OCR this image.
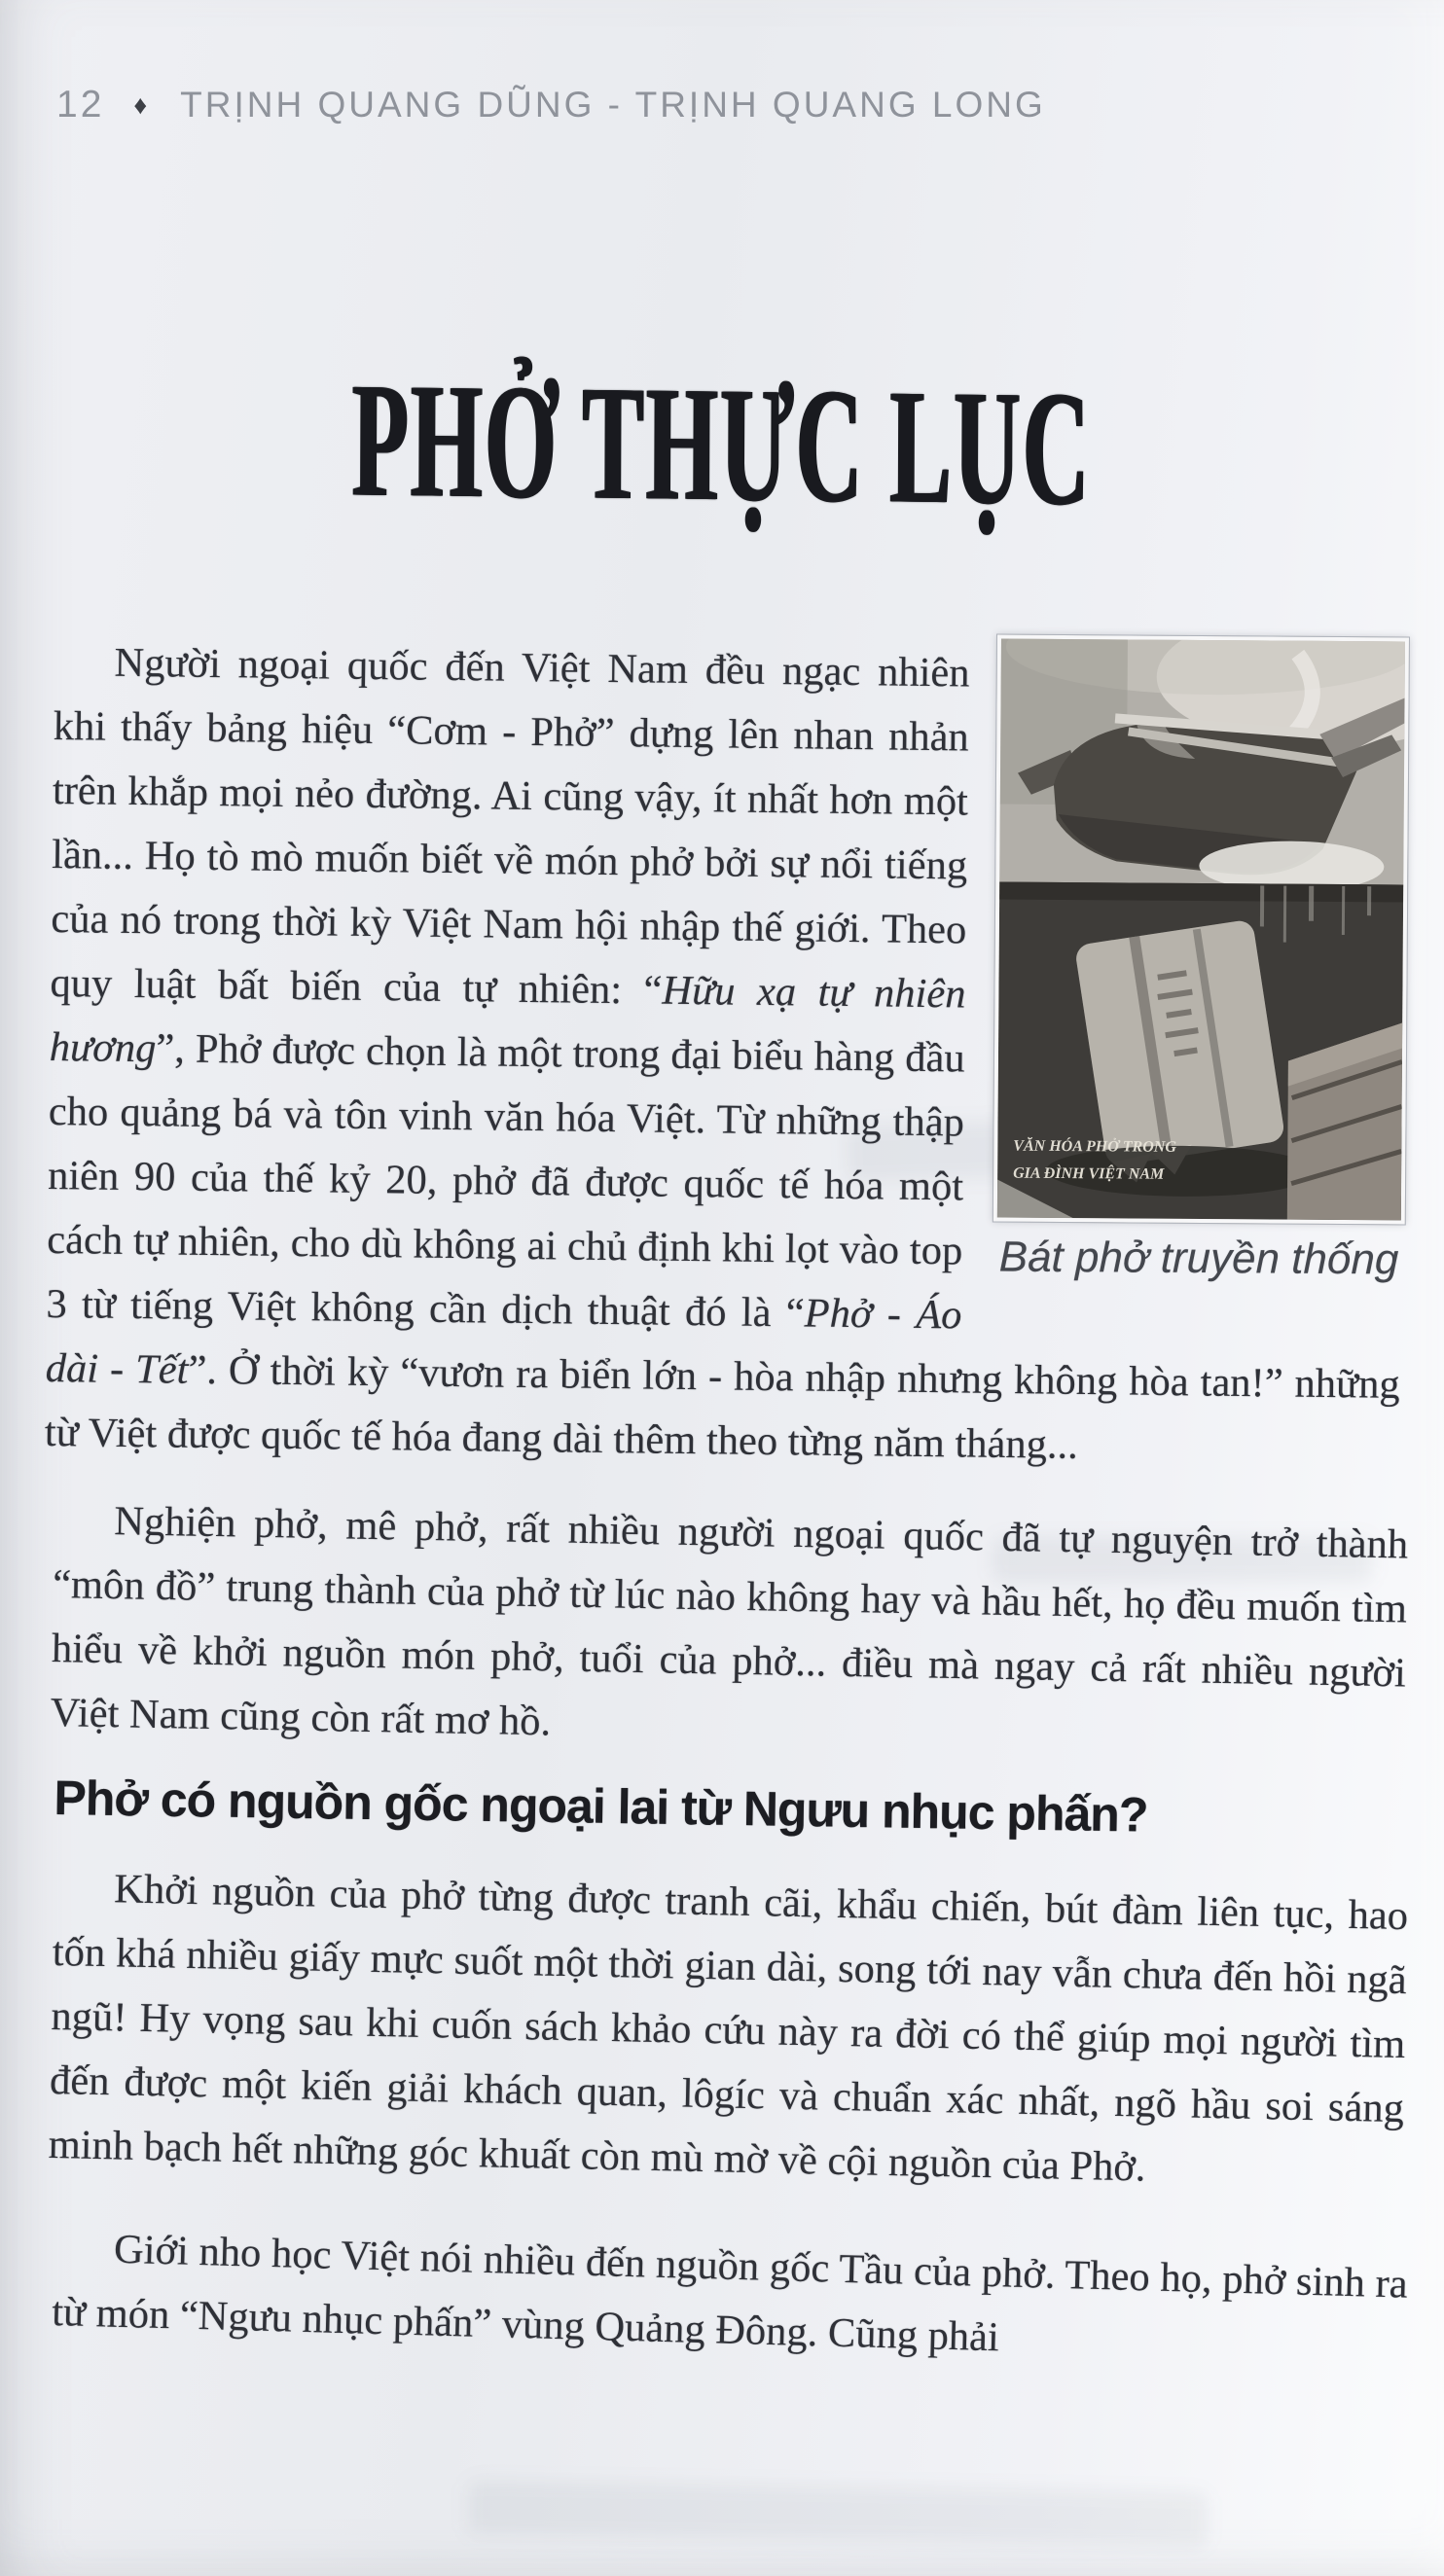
12 ♦ TRỊNH QUANG DŨNG - TRỊNH QUANG LONG
PHỞ THỰC LỤC
VĂN HÓA PHỞ TRONG
GIA ĐÌNH VIỆT NAM
Bát phở truyền thống

Người ngoại quốc đến Việt Nam đều ngạc nhiên khi thấy bảng hiệu “Cơm - Phở” dựng lên nhan nhản trên khắp mọi nẻo đường. Ai cũng vậy, ít nhất hơn một lần... Họ tò mò muốn biết về món phở bởi sự nổi tiếng của nó trong thời kỳ Việt Nam hội nhập thế giới. Theo quy luật bất biến của tự nhiên: “Hữu xạ tự nhiên hương”, Phở được chọn là một trong đại biểu hàng đầu cho quảng bá và tôn vinh văn hóa Việt. Từ những thập niên 90 của thế kỷ 20, phở đã được quốc tế hóa một cách tự nhiên, cho dù không ai chủ định khi lọt vào top 3 từ tiếng Việt không cần dịch thuật đó là “Phở - Áo dài - Tết”. Ở thời kỳ “vươn ra biển lớn - hòa nhập nhưng không hòa tan!” những từ Việt được quốc tế hóa đang dài thêm theo từng năm tháng...

Nghiện phở, mê phở, rất nhiều người ngoại quốc đã tự nguyện trở thành “môn đồ” trung thành của phở từ lúc nào không hay và hầu hết, họ đều muốn tìm hiểu về khởi nguồn món phở, tuổi của phở... điều mà ngay cả rất nhiều người Việt Nam cũng còn rất mơ hồ.

Phở có nguồn gốc ngoại lai từ Ngưu nhục phấn?

Khởi nguồn của phở từng được tranh cãi, khẩu chiến, bút đàm liên tục, hao tốn khá nhiều giấy mực suốt một thời gian dài, song tới nay vẫn chưa đến hồi ngã ngũ! Hy vọng sau khi cuốn sách khảo cứu này ra đời có thể giúp mọi người tìm đến được một kiến giải khách quan, lôgíc và chuẩn xác nhất, ngõ hầu soi sáng minh bạch hết những góc khuất còn mù mờ về cội nguồn của Phở.

Giới nho học Việt nói nhiều đến nguồn gốc Tầu của phở. Theo họ, phở sinh ra từ món “Ngưu nhục phấn” vùng Quảng Đông. Cũng phải
